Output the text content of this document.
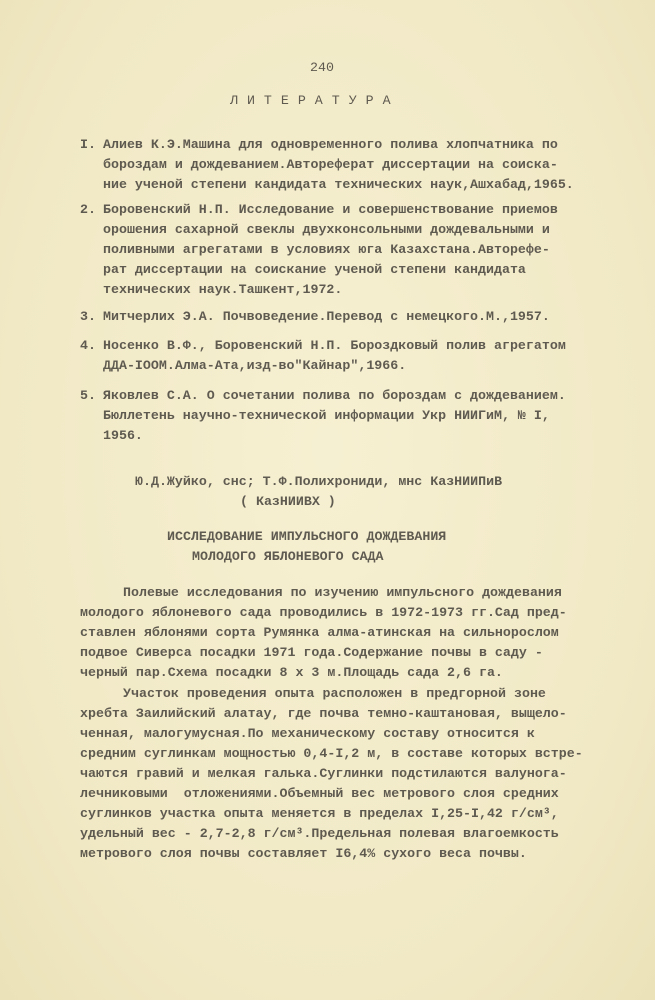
240
Л И Т Е Р А Т У Р А
I. Алиев К.Э.Машина для одновременного полива хлопчатника по
бороздам и дождеванием.Автореферат диссертации на соиска-
ние ученой степени кандидата технических наук,Ашхабад,1965.
2. Боровенский Н.П. Исследование и совершенствование приемов
орошения сахарной свеклы двухконсольными дождевальными и
поливными агрегатами в условиях юга Казахстана.Авторефе-
рат диссертации на соискание ученой степени кандидата
технических наук.Ташкент,1972.
3. Митчерлих Э.А. Почвоведение.Перевод с немецкого.М.,1957.
4. Носенко В.Ф., Боровенский Н.П. Бороздковый полив агрегатом
ДДА-IOOM.Алма-Ата,изд-во"Кайнар",1966.
5. Яковлев С.А. О сочетании полива по бороздам с дождеванием.
Бюллетень научно-технической информации Укр НИИГиМ, № I,
1956.
Ю.Д.Жуйко, снс; Т.Ф.Полихрониди, мнс КазНИИПиВ
( КазНИИВХ )
ИССЛЕДОВАНИЕ ИМПУЛЬСНОГО ДОЖДЕВАНИЯ
МОЛОДОГО ЯБЛОНЕВОГО САДА
Полевые исследования по изучению импульсного дождевания
молодого яблоневого сада проводились в 1972-1973 гг.Сад пред-
ставлен яблонями сорта Румянка алма-атинская на сильнорослом
подвое Сиверса посадки 1971 года.Содержание почвы в саду -
черный пар.Схема посадки 8 х 3 м.Площадь сада 2,6 га.
Участок проведения опыта расположен в предгорной зоне
хребта Заилийский алатау, где почва темно-каштановая, выщело-
ченная, малогумусная.По механическому составу относится к
средним суглинкам мощностью 0,4-I,2 м, в составе которых встре-
чаются гравий и мелкая галька.Суглинки подстилаются валунога-
лечниковыми  отложениями.Объемный вес метрового слоя средних
суглинков участка опыта меняется в пределах I,25-I,42 г/см³,
удельный вес - 2,7-2,8 г/см³.Предельная полевая влагоемкость
метрового слоя почвы составляет I6,4% сухого веса почвы.
